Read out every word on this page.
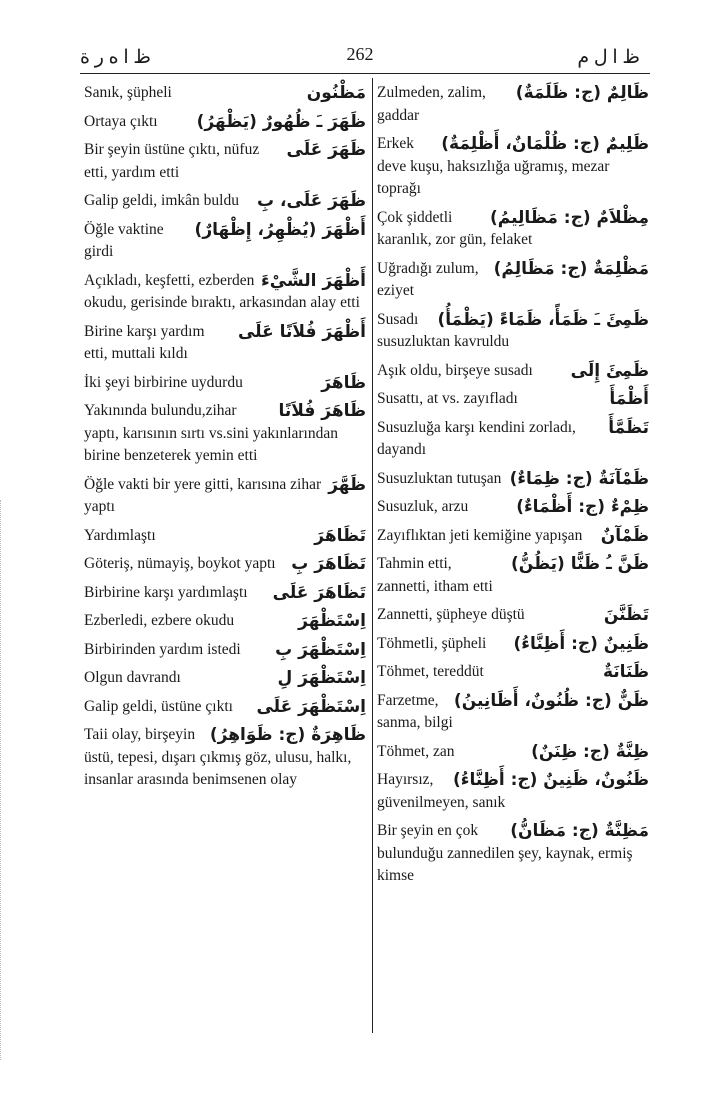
ظ ا ه ر ة	262	ظ ا ل م
مَظْنُون
Sanık, şüpheli
ظَهَرَ ـَ ظُهُورٌ (يَظْهَرُ)
Ortaya çıktı
ظَهَرَ عَلَى
Bir şeyin üstüne çıktı, nüfuz etti, yardım etti
ظَهَرَ عَلَى، بِ
Galip geldi, imkân buldu
أَظْهَرَ (يُظْهِرُ، إِظْهَارٌ)
Öğle vaktine girdi
أَظْهَرَ الشَّيْءَ
Açıkladı, keşfetti, ezberden okudu, gerisinde bıraktı, arkasından alay etti
أَظْهَرَ فُلاَنًا عَلَى
Birine karşı yardım etti, muttali kıldı
ظَاهَرَ
İki şeyi birbirine uydurdu
ظَاهَرَ فُلاَنًا
Yakınında bulundu,zihar yaptı, karısının sırtı vs.sini yakınlarından birine benzeterek yemin etti
ظَهَّرَ
Öğle vakti bir yere gitti, karısına zihar yaptı
تَظَاهَرَ
Yardımlaştı
تَظَاهَرَ بِ
Göteriş, nümayiş, boykot yaptı
تَظَاهَرَ عَلَى
Birbirine karşı yardımlaştı
اِسْتَظْهَرَ
Ezberledi, ezbere okudu
اِسْتَظْهَرَ بِ
Birbirinden yardım istedi
اِسْتَظْهَرَ لِ
Olgun davrandı
اِسْتَظْهَرَ عَلَى
Galip geldi, üstüne çıktı
ظَاهِرَةٌ (ج: ظَوَاهِرُ)
Taii olay, birşeyin üstü, tepesi, dışarı çıkmış göz, ulusu, halkı, insanlar arasında benimsenen olay
ظَالِمٌ (ج: ظَلَمَةٌ)
Zulmeden, zalim, gaddar
ظَلِيمٌ (ج: ظُلْمَانٌ، أَظْلِمَةٌ)
Erkek deve kuşu, haksızlığa uğramış, mezar toprağı
مِظْلاَمٌ (ج: مَظَالِيمُ)
Çok şiddetli karanlık, zor gün, felaket
مَظْلِمَةٌ (ج: مَظَالِمُ)
Uğradığı zulum, eziyet
ظَمِئَ ـَ ظَمَأً، ظَمَاءً (يَظْمَأُ)
Susadı susuzluktan kavruldu
ظَمِئَ إِلَى
Aşık oldu, birşeye susadı
أَظْمَأَ
Susattı, at vs. zayıfladı
تَظَمَّأَ
Susuzluğa karşı kendini zorladı, dayandı
ظَمْآنَةٌ (ج: ظِمَاءٌ)
Susuzluktan tutuşan
ظِمْءٌ (ج: أَظْمَاءٌ)
Susuzluk, arzu
ظَمْآنٌ
Zayıflıktan jeti kemiğine yapışan
ظَنَّ ـُ ظَنًّا (يَظُنُّ)
Tahmin etti, zannetti, itham etti
تَظَنَّنَ
Zannetti, şüpheye düştü
ظَنِينٌ (ج: أَظِنَّاءُ)
Töhmetli, şüpheli
ظَنَانَةٌ
Töhmet, tereddüt
ظَنٌّ (ج: ظُنُونٌ، أَظَانِينُ)
Farzetme, sanma, bilgi
ظِنَّةٌ (ج: ظِنَنٌ)
Töhmet, zan
ظَنُونٌ، ظَنِينٌ (ج: أَظِنَّاءُ)
Hayırsız, güvenilmeyen, sanık
مَظِنَّةٌ (ج: مَظَانُّ)
Bir şeyin en çok bulunduğu zannedilen şey, kaynak, ermiş kimse
